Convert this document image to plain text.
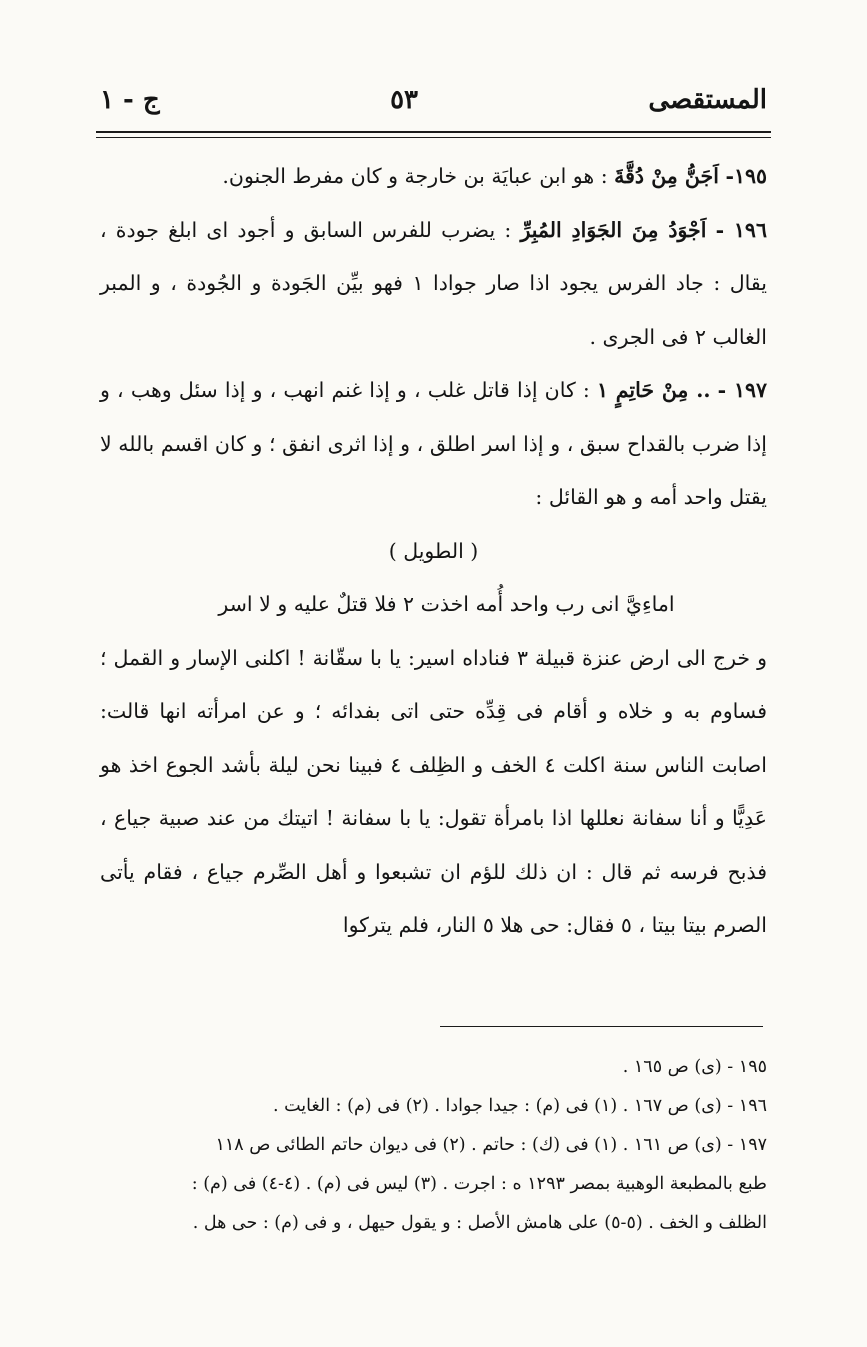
المستقصى
٥٣
ج - ١

١٩٥- اَجَنُّ مِنْ دُقَّةَ : هو ابن عبايَة بن خارجة و كان مفرط الجنون.

١٩٦ - اَجْوَدُ مِنَ الجَوَادِ المُبِرِّ : يضرب للفرس السابق و أجود اى ابلغ جودة ، يقال : جاد الفرس يجود اذا صار جوادا ١ فهو بيِّن الجَودة و الجُودة ، و المبر الغالب ٢ فى الجرى .

١٩٧ - .. مِنْ حَاتِمٍ ١ : كان إذا قاتل غلب ، و إذا غنم انهب ، و إذا سئل وهب ، و إذا ضرب بالقداح سبق ، و إذا اسر اطلق ، و إذا اثرى انفق ؛ و كان اقسم بالله لا يقتل واحد أمه و هو القائل :

( الطويل )

اماءِيَّ انى رب واحد أُمه اخذت ٢ فلا قتلٌ عليه و لا اسر

و خرج الى ارض عنزة قبيلة ٣ فناداه اسير: يا با سقّانة ! اكلنى الإسار و القمل ؛ فساوم به و خلاه و أقام فى قِدِّه حتى اتى بفدائه ؛ و عن امرأته انها قالت: اصابت الناس سنة اكلت ٤ الخف و الظِلف ٤ فبينا نحن ليلة بأشد الجوع اخذ هو عَدِيًّا و أنا سفانة نعللها اذا بامرأة تقول: يا با سفانة ! اتيتك من عند صبية جياع ، فذبح فرسه ثم قال : ان ذلك للؤم ان تشبعوا و أهل الصِّرم جياع ، فقام يأتى الصرم بيتا بيتا ، ٥ فقال: حى هلا ٥ النار، فلم يتركوا

١٩٥ - (ى) ص ١٦٥ .

١٩٦ - (ى) ص ١٦٧ . (١) فى (م) : جيدا جوادا . (٢) فى (م) : الغايت .

١٩٧ - (ى) ص ١٦١ . (١) فى (ك) : حاتم . (٢) فى ديوان حاتم الطائى ص ١١٨

طبع بالمطبعة الوهبية بمصر ١٢٩٣ ه : اجرت . (٣) ليس فى (م) . (٤-٤) فى (م) :

الظلف و الخف . (٥-٥) على هامش الأصل : و يقول حيهل ، و فى (م) : حى هل .
